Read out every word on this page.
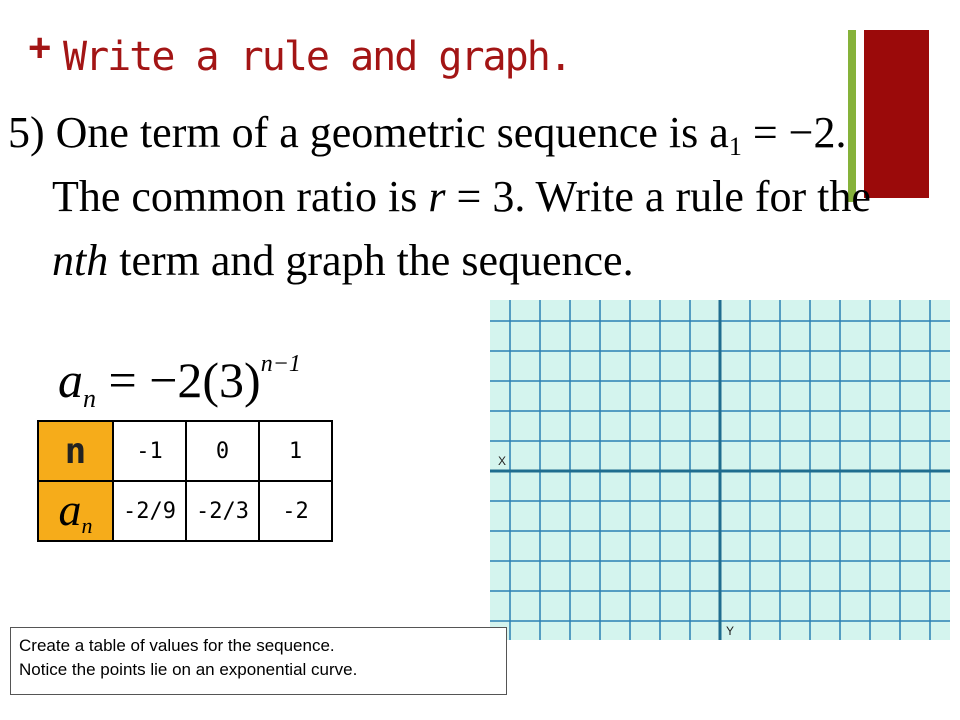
+ Write a rule and graph.
5) One term of a geometric sequence is $a_1 = -2$.
The common ratio is r = 3. Write a rule for the
nth term and graph the sequence.
$a_n = -2(3)^{n-1}$
n	-1	0	1
$a_n$	-2/9	-2/3	-2
X
Y
Create a table of values for the sequence.
Notice the points lie on an exponential curve.
